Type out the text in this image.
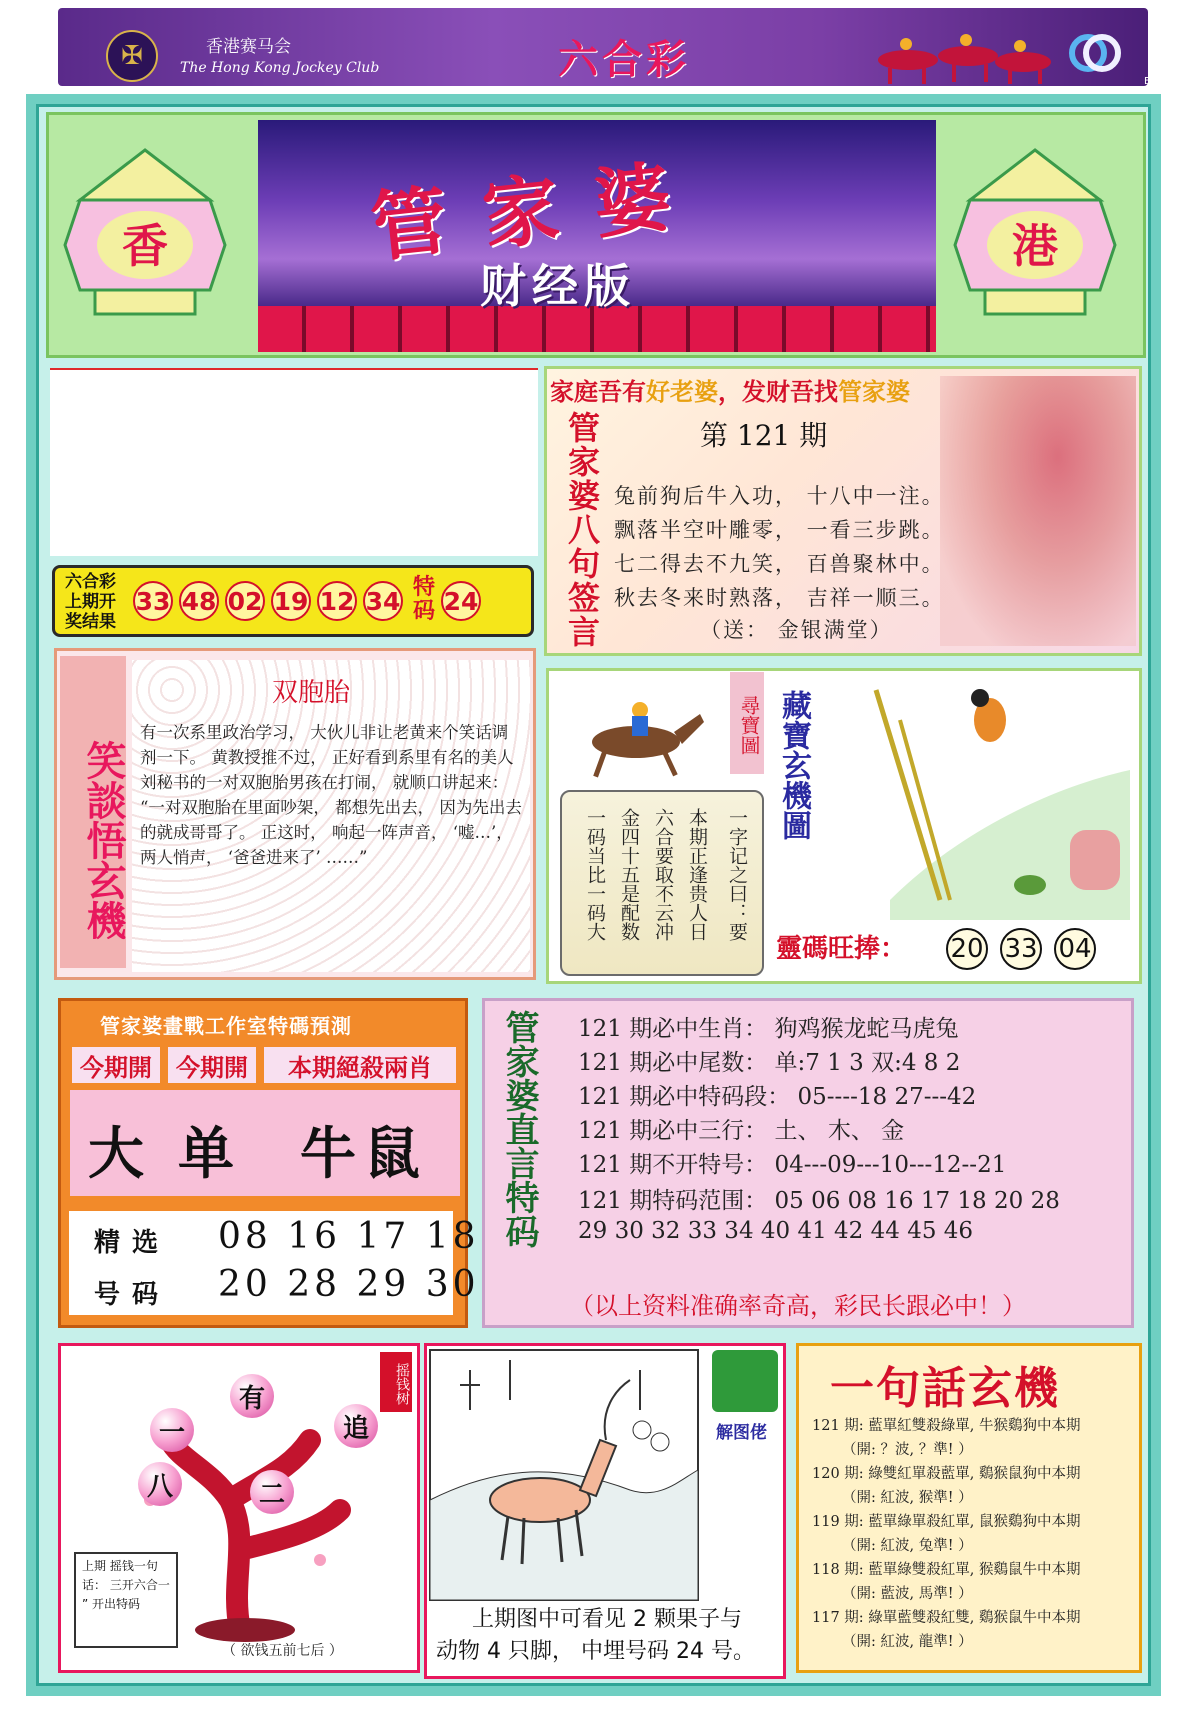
✠	香港赛马会
The Hong Kong Jockey Club	六合彩	ENGLISH
香	港
管家婆
财经版
六合彩
上期开
奖结果
33 48 02 19 12 34 特码 24
家庭吾有好老婆，发财吾找管家婆
管家婆八句签言	第 121 期
兔前狗后牛入功， 十八中一注。
飘落半空叶雕零， 一看三步跳。
七二得去不九笑， 百兽聚林中。
秋去冬来时熟落， 吉祥一顺三。
（送： 金银满堂）
笑談悟玄機
双胞胎
有一次系里政治学习， 大伙儿非让老黄来个笑话调剂一下。 黄教授推不过， 正好看到系里有名的美人刘秘书的一对双胞胎男孩在打闹， 就顺口讲起来： “一对双胞胎在里面吵架， 都想先出去， 因为先出去的就成哥哥了。 正这时， 响起一阵声音， ‘嘘…’， 两人悄声， ‘爸爸进来了’ ……”	一字记之曰：要
本期正逢贵人日
六合要取不云冲
金四十五是配数
一码当比一码大
尋寶圖 藏寶玄機圖
靈碼旺捧： 20 33 04
管家婆畫戰工作室特碼預測
今期開	今期開	本期絕殺兩肖
大 单 牛鼠
精选
号码
08 16 17 18
20 28 29 30
管家婆直言特码 121 期必中生肖： 狗鸡猴龙蛇马虎兔
121 期必中尾数： 单:7 1 3 双:4 8 2
121 期必中特码段： 05----18 27---42
121 期必中三行： 土、 木、 金
121 期不开特号： 04---09---10---12--21
121 期特码范围： 05 06 08 16 17 18 20 28
29 30 32 33 34 40 41 42 44 45 46
（以上资料准确率奇高，彩民长跟必中！）
摇钱树
一
有
追
八	二
上期 摇钱一句话： 三开六合一 ” 开出特码
（ 欲钱五前七后 ）
解图佬
上期图中可看见 2 颗果子与
动物 4 只脚， 中埋号码 24 号。
一句話玄機
121 期: 藍單紅雙殺綠單, 牛猴鷄狗中本期
（開: ？波, ？準! ）
120 期: 綠雙紅單殺藍單, 鷄猴鼠狗中本期
（開: 紅波, 猴準! ）
119 期: 藍單綠單殺紅單, 鼠猴鷄狗中本期
（開: 紅波, 兔準! ）
118 期: 藍單綠雙殺紅單, 猴鷄鼠牛中本期
（開: 藍波, 馬準! ）
117 期: 綠單藍雙殺紅雙, 鷄猴鼠牛中本期
（開: 紅波, 龍準! ）
